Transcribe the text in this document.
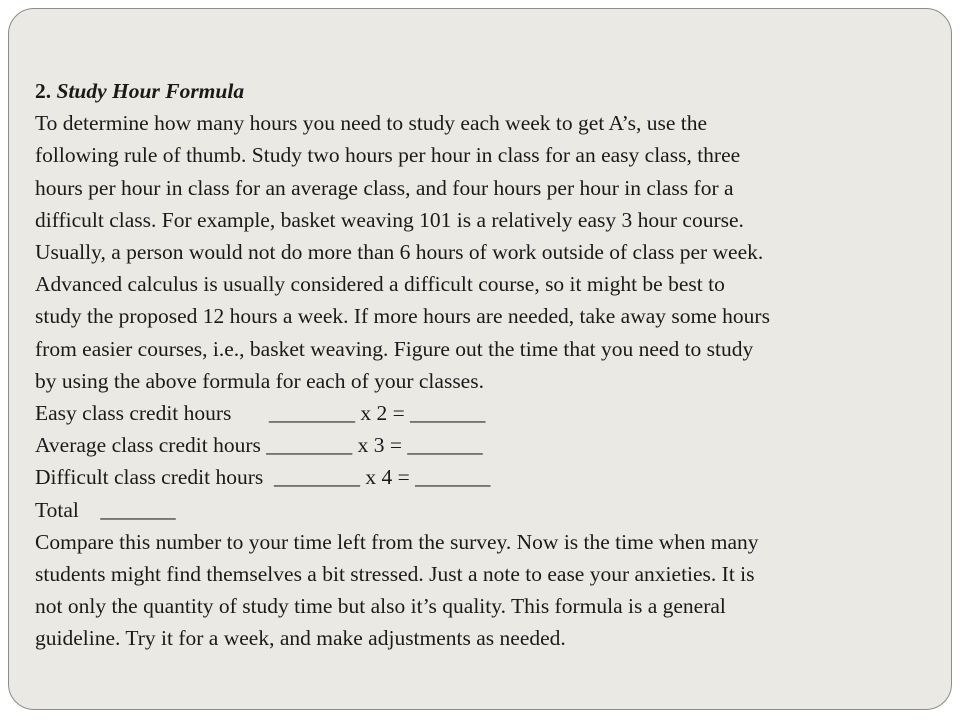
2. Study Hour Formula
To determine how many hours you need to study each week to get A’s, use the
following rule of thumb. Study two hours per hour in class for an easy class, three
hours per hour in class for an average class, and four hours per hour in class for a
difficult class. For example, basket weaving 101 is a relatively easy 3 hour course.
Usually, a person would not do more than 6 hours of work outside of class per week.
Advanced calculus is usually considered a difficult course, so it might be best to
study the proposed 12 hours a week. If more hours are needed, take away some hours
from easier courses, i.e., basket weaving. Figure out the time that you need to study
by using the above formula for each of your classes.
Easy class credit hours       ________ x 2 = _______
Average class credit hours ________ x 3 = _______
Difficult class credit hours  ________ x 4 = _______
Total    _______
Compare this number to your time left from the survey. Now is the time when many
students might find themselves a bit stressed. Just a note to ease your anxieties. It is
not only the quantity of study time but also it’s quality. This formula is a general
guideline. Try it for a week, and make adjustments as needed.
